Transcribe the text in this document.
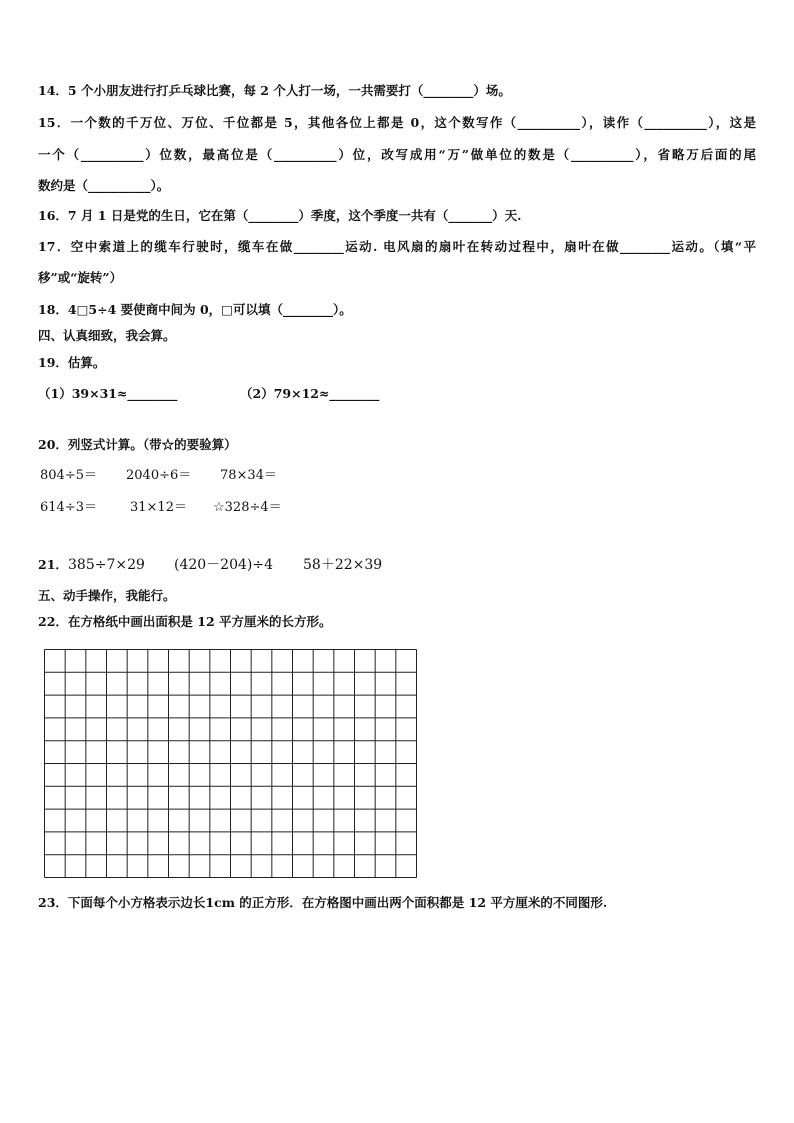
14．5 个小朋友进行打乒乓球比赛，每 2 个人打一场，一共需要打（________）场。
15．一个数的千万位、万位、千位都是 5，其他各位上都是 0，这个数写作（__________），读作（__________），这是
一个（__________）位数，最高位是（__________）位，改写成用“万”做单位的数是（__________），省略万后面的尾
数约是（__________）。
16．7 月 1 日是党的生日，它在第（________）季度，这个季度一共有（_______）天.
17．空中索道上的缆车行驶时，缆车在做________运动. 电风扇的扇叶在转动过程中，扇叶在做________运动。（填“平
移”或“旋转”）
18．4□5÷4 要使商中间为 0，□可以填（________）。
四、认真细致，我会算。
19．估算。
（1）39×31≈________	（2）79×12≈________
20．列竖式计算。（带☆的要验算）
804÷5＝ 2040÷6＝ 78×34＝
614÷3＝	31×12＝ ☆328÷4＝
21． 385÷7×29 (420－204)÷4 58＋22×39
五、动手操作，我能行。
22．在方格纸中画出面积是 12 平方厘米的长方形。
23．下面每个小方格表示边长1cm 的正方形．在方格图中画出两个面积都是 12 平方厘米的不同图形.
